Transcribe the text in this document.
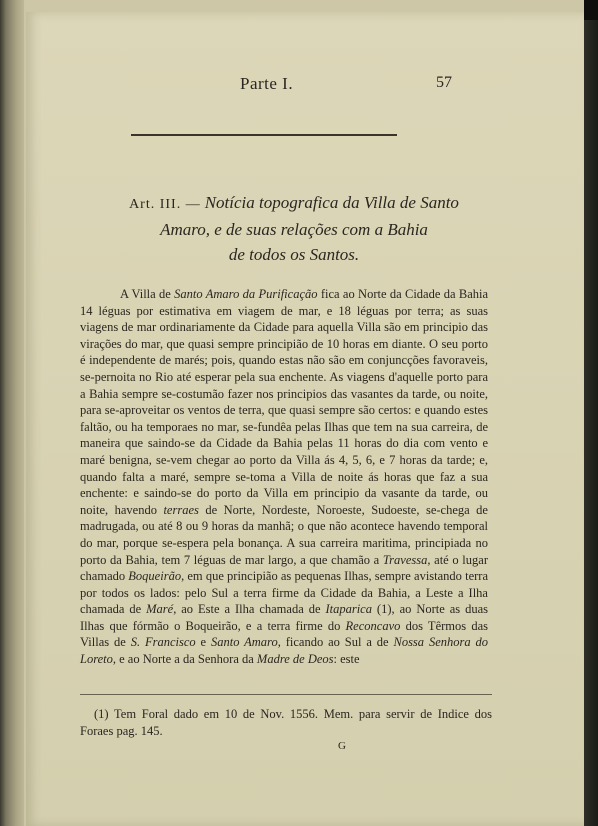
Parte I.	57
Art. III. — Notícia topografica da Villa de Santo
Amaro, e de suas relações com a Bahia
de todos os Santos.

A Villa de Santo Amaro da Purificação fica ao Norte da Cidade da Bahia 14 léguas por estimativa em viagem de mar, e 18 léguas por terra; as suas viagens de mar ordinariamente da Cidade para aquella Villa são em principio das virações do mar, que quasi sempre principião de 10 horas em diante. O seu porto é independente de marés; pois, quando estas não são em conjuncções favoraveis, se-pernoita no Rio até esperar pela sua enchente. As viagens d'aquelle porto para a Bahia sempre se-costumão fazer nos principios das vasantes da tarde, ou noite, para se-aproveitar os ventos de terra, que quasi sempre são certos: e quando estes faltão, ou ha temporaes no mar, se-fundêa pelas Ilhas que tem na sua carreira, de maneira que saindo-se da Cidade da Bahia pelas 11 horas do dia com vento e maré benigna, se-vem chegar ao porto da Villa ás 4, 5, 6, e 7 horas da tarde; e, quando falta a maré, sempre se-toma a Villa de noite ás horas que faz a sua enchente: e saindo-se do porto da Villa em principio da vasante da tarde, ou noite, havendo terraes de Norte, Nordeste, Noroeste, Sudoeste, se-chega de madrugada, ou até 8 ou 9 horas da manhã; o que não acontece havendo temporal do mar, porque se-espera pela bonança. A sua carreira maritima, principiada no porto da Bahia, tem 7 léguas de mar largo, a que chamão a Travessa, até o lugar chamado Boqueirão, em que principião as pequenas Ilhas, sempre avistando terra por todos os lados: pelo Sul a terra firme da Cidade da Bahia, a Leste a Ilha chamada de Maré, ao Este a Ilha chamada de Itaparica (1), ao Norte as duas Ilhas que fórmão o Boqueirão, e a terra firme do Reconcavo dos Têrmos das Villas de S. Francisco e Santo Amaro, ficando ao Sul a de Nossa Senhora do Loreto, e ao Norte a da Senhora da Madre de Deos: este

(1) Tem Foral dado em 10 de Nov. 1556. Mem. para servir de Indice dos Foraes pag. 145.

G
